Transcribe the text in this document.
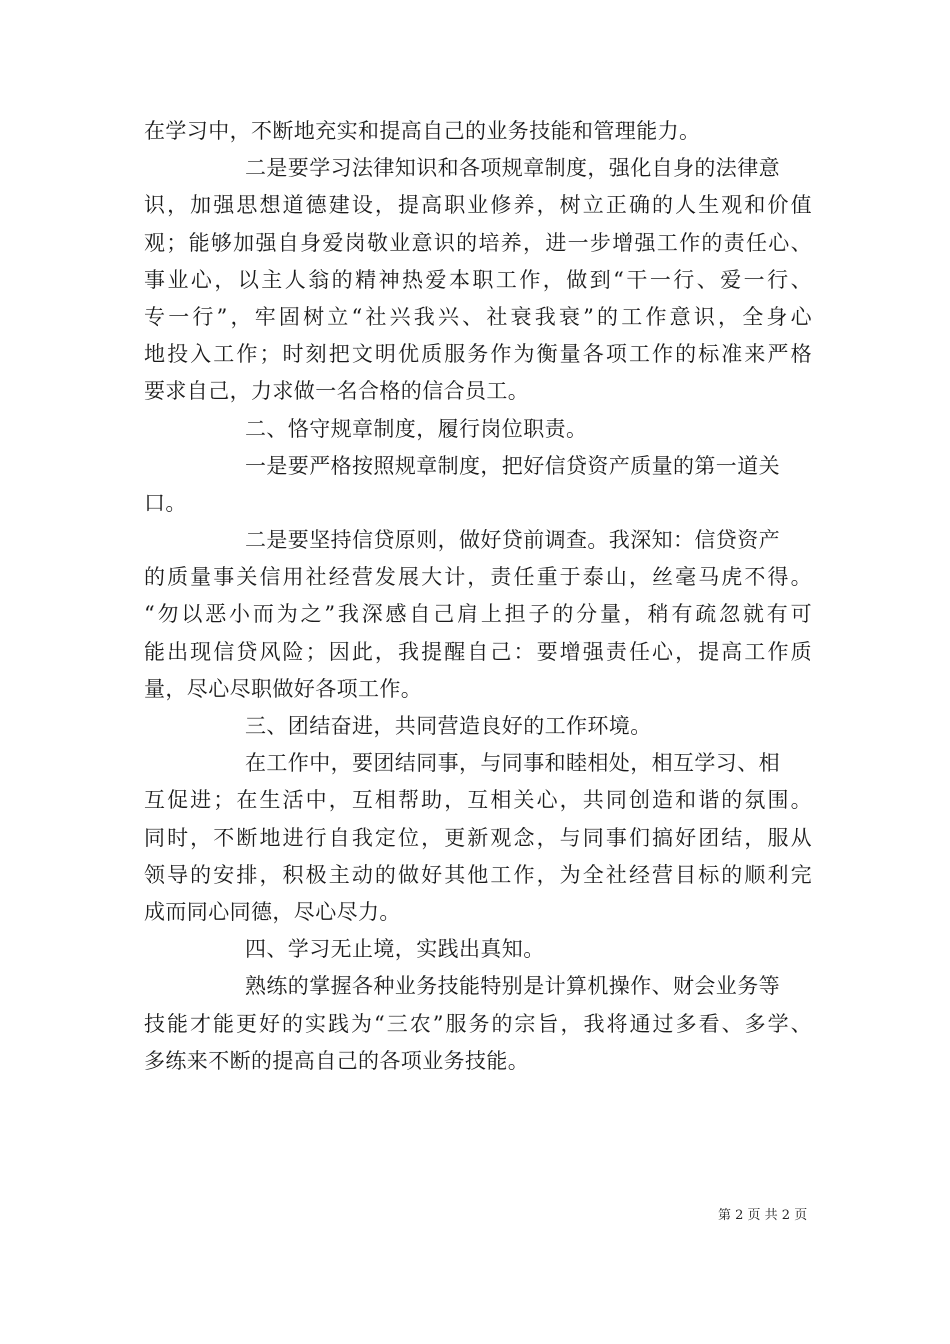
在学习中，不断地充实和提高自己的业务技能和管理能力。
二是要学习法律知识和各项规章制度，强化自身的法律意
识，加强思想道德建设，提高职业修养，树立正确的人生观和价值
观；能够加强自身爱岗敬业意识的培养，进一步增强工作的责任心、
事业心，以主人翁的精神热爱本职工作，做到“干一行、爱一行、
专一行”，牢固树立“社兴我兴、社衰我衰”的工作意识，全身心
地投入工作；时刻把文明优质服务作为衡量各项工作的标准来严格
要求自己，力求做一名合格的信合员工。
二、恪守规章制度，履行岗位职责。
一是要严格按照规章制度，把好信贷资产质量的第一道关
口。
二是要坚持信贷原则，做好贷前调查。我深知：信贷资产
的质量事关信用社经营发展大计，责任重于泰山，丝毫马虎不得。
“勿以恶小而为之”我深感自己肩上担子的分量，稍有疏忽就有可
能出现信贷风险；因此，我提醒自己：要增强责任心，提高工作质
量，尽心尽职做好各项工作。
三、团结奋进，共同营造良好的工作环境。
在工作中，要团结同事，与同事和睦相处，相互学习、相
互促进；在生活中，互相帮助，互相关心，共同创造和谐的氛围。
同时，不断地进行自我定位，更新观念，与同事们搞好团结，服从
领导的安排，积极主动的做好其他工作，为全社经营目标的顺利完
成而同心同德，尽心尽力。
四、学习无止境，实践出真知。
熟练的掌握各种业务技能特别是计算机操作、财会业务等
技能才能更好的实践为“三农”服务的宗旨，我将通过多看、多学、
多练来不断的提高自己的各项业务技能。
第 2 页 共 2 页
